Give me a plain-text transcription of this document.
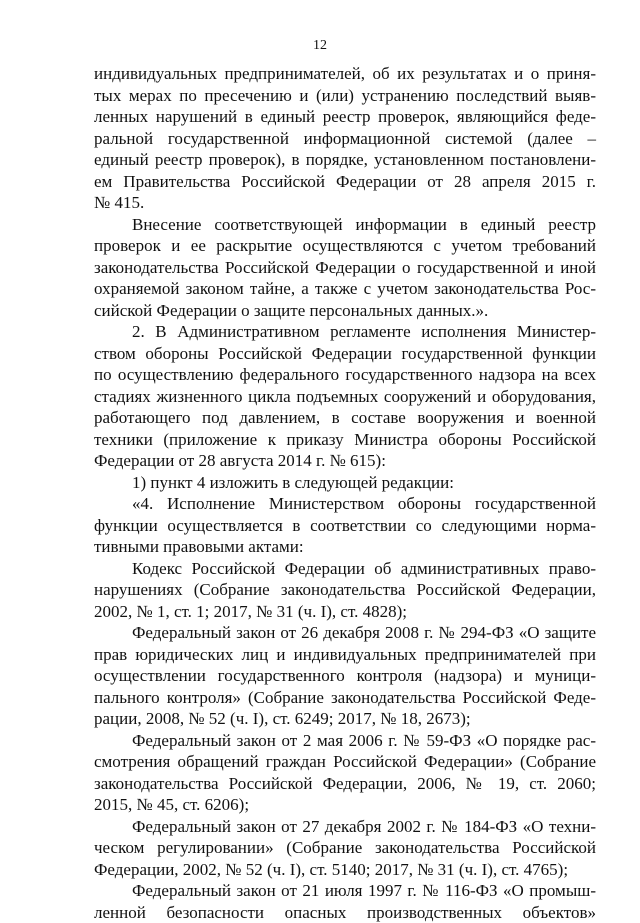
12
индивидуальных предпринимателей, об их результатах и о приня-
тых мерах по пресечению и (или) устранению последствий выяв-
ленных нарушений в единый реестр проверок, являющийся феде-
ральной государственной информационной системой (далее –
единый реестр проверок), в порядке, установленном постановлени-
ем Правительства Российской Федерации от 28 апреля 2015 г.
№ 415.
Внесение соответствующей информации в единый реестр
проверок и ее раскрытие осуществляются с учетом требований
законодательства Российской Федерации о государственной и иной
охраняемой законом тайне, а также с учетом законодательства Рос-
сийской Федерации о защите персональных данных.».
2. В Административном регламенте исполнения Министер-
ством обороны Российской Федерации государственной функции
по осуществлению федерального государственного надзора на всех
стадиях жизненного цикла подъемных сооружений и оборудования,
работающего под давлением, в составе вооружения и военной
техники (приложение к приказу Министра обороны Российской
Федерации от 28 августа 2014 г. № 615):
1) пункт 4 изложить в следующей редакции:
«4. Исполнение Министерством обороны государственной
функции осуществляется в соответствии со следующими норма-
тивными правовыми актами:
Кодекс Российской Федерации об административных право-
нарушениях (Собрание законодательства Российской Федерации,
2002, № 1, ст. 1; 2017, № 31 (ч. I), ст. 4828);
Федеральный закон от 26 декабря 2008 г. № 294-ФЗ «О защите
прав юридических лиц и индивидуальных предпринимателей при
осуществлении государственного контроля (надзора) и муници-
пального контроля» (Собрание законодательства Российской Феде-
рации, 2008, № 52 (ч. I), ст. 6249; 2017, № 18, 2673);
Федеральный закон от 2 мая 2006 г. № 59-ФЗ «О порядке рас-
смотрения обращений граждан Российской Федерации» (Собрание
законодательства Российской Федерации, 2006, № 19, ст. 2060;
2015, № 45, ст. 6206);
Федеральный закон от 27 декабря 2002 г. № 184-ФЗ «О техни-
ческом регулировании» (Собрание законодательства Российской
Федерации, 2002, № 52 (ч. I), ст. 5140; 2017, № 31 (ч. I), ст. 4765);
Федеральный закон от 21 июля 1997 г. № 116-ФЗ «О промыш-
ленной безопасности опасных производственных объектов»
